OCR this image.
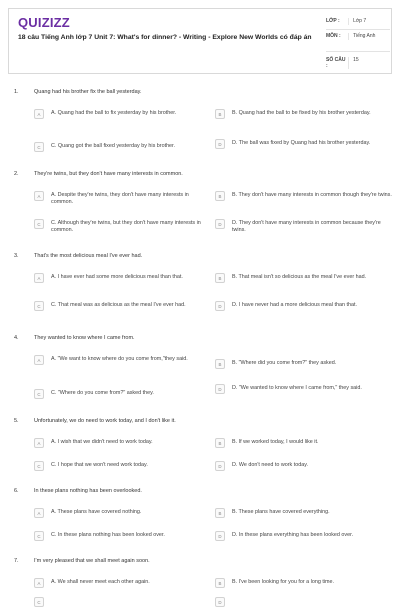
QUIZIZZ
18 câu Tiếng Anh lớp 7 Unit 7: What's for dinner? - Writing - Explore New Worlds có đáp án
LỚP :	Lớp 7
MÔN :	Tiếng Anh
SỐ CÂU :
15
1.	Quang had his brother fix the ball yesterday.
A	A. Quang had the ball to fix yesterday by his brother.	B	B. Quang had the ball to be fixed by his brother yesterday.
C	C. Quang got the ball fixed yesterday by his brother.	D	D. The ball was fixed by Quang had his brother yesterday.
2.	They're twins, but they don't have many interests in common.
A	A. Despite they're twins, they don't have many interests in common.
B	B. They don't have many interests in common though they're twins.
C	C. Although they're twins, but they don't have many interests in common.
D	D. They don't have many interests in common because they're twins.
3.	That's the most delicious meal I've ever had.
A	A. I have ever had some more delicious meal than that.	B	B. That meal isn't so delicious as the meal I've ever had.
C	C. That meal was as delicious as the meal I've ever had.	D	D. I have never had a more delicious meal than that.
4.	They wanted to know where I came from.
A	A. "We want to know where do you come from,"they said.
B	B. "Where did you come from?" they asked.
C	C. "Where do you come from?" asked they.
D	D. "We wanted to know where I came from," they said.
5.	Unfortunately, we do need to work today, and I don't like it.
A	A. I wish that we didn't need to work today.	B	B. If we worked today, I would like it.
C	C. I hope that we won't need work today.	D	D. We don't need to work today.
6.	In these plans nothing has been overlooked.
A	A. These plans have covered nothing.	B	B. These plans have covered everything.
C	C. In these plans nothing has been looked over.	D	D. In these plans everything has been looked over.
7.	I'm very pleased that we shall meet again soon.
A	A. We shall never meet each other again.	B	B. I've been looking for you for a long time.
C	D
